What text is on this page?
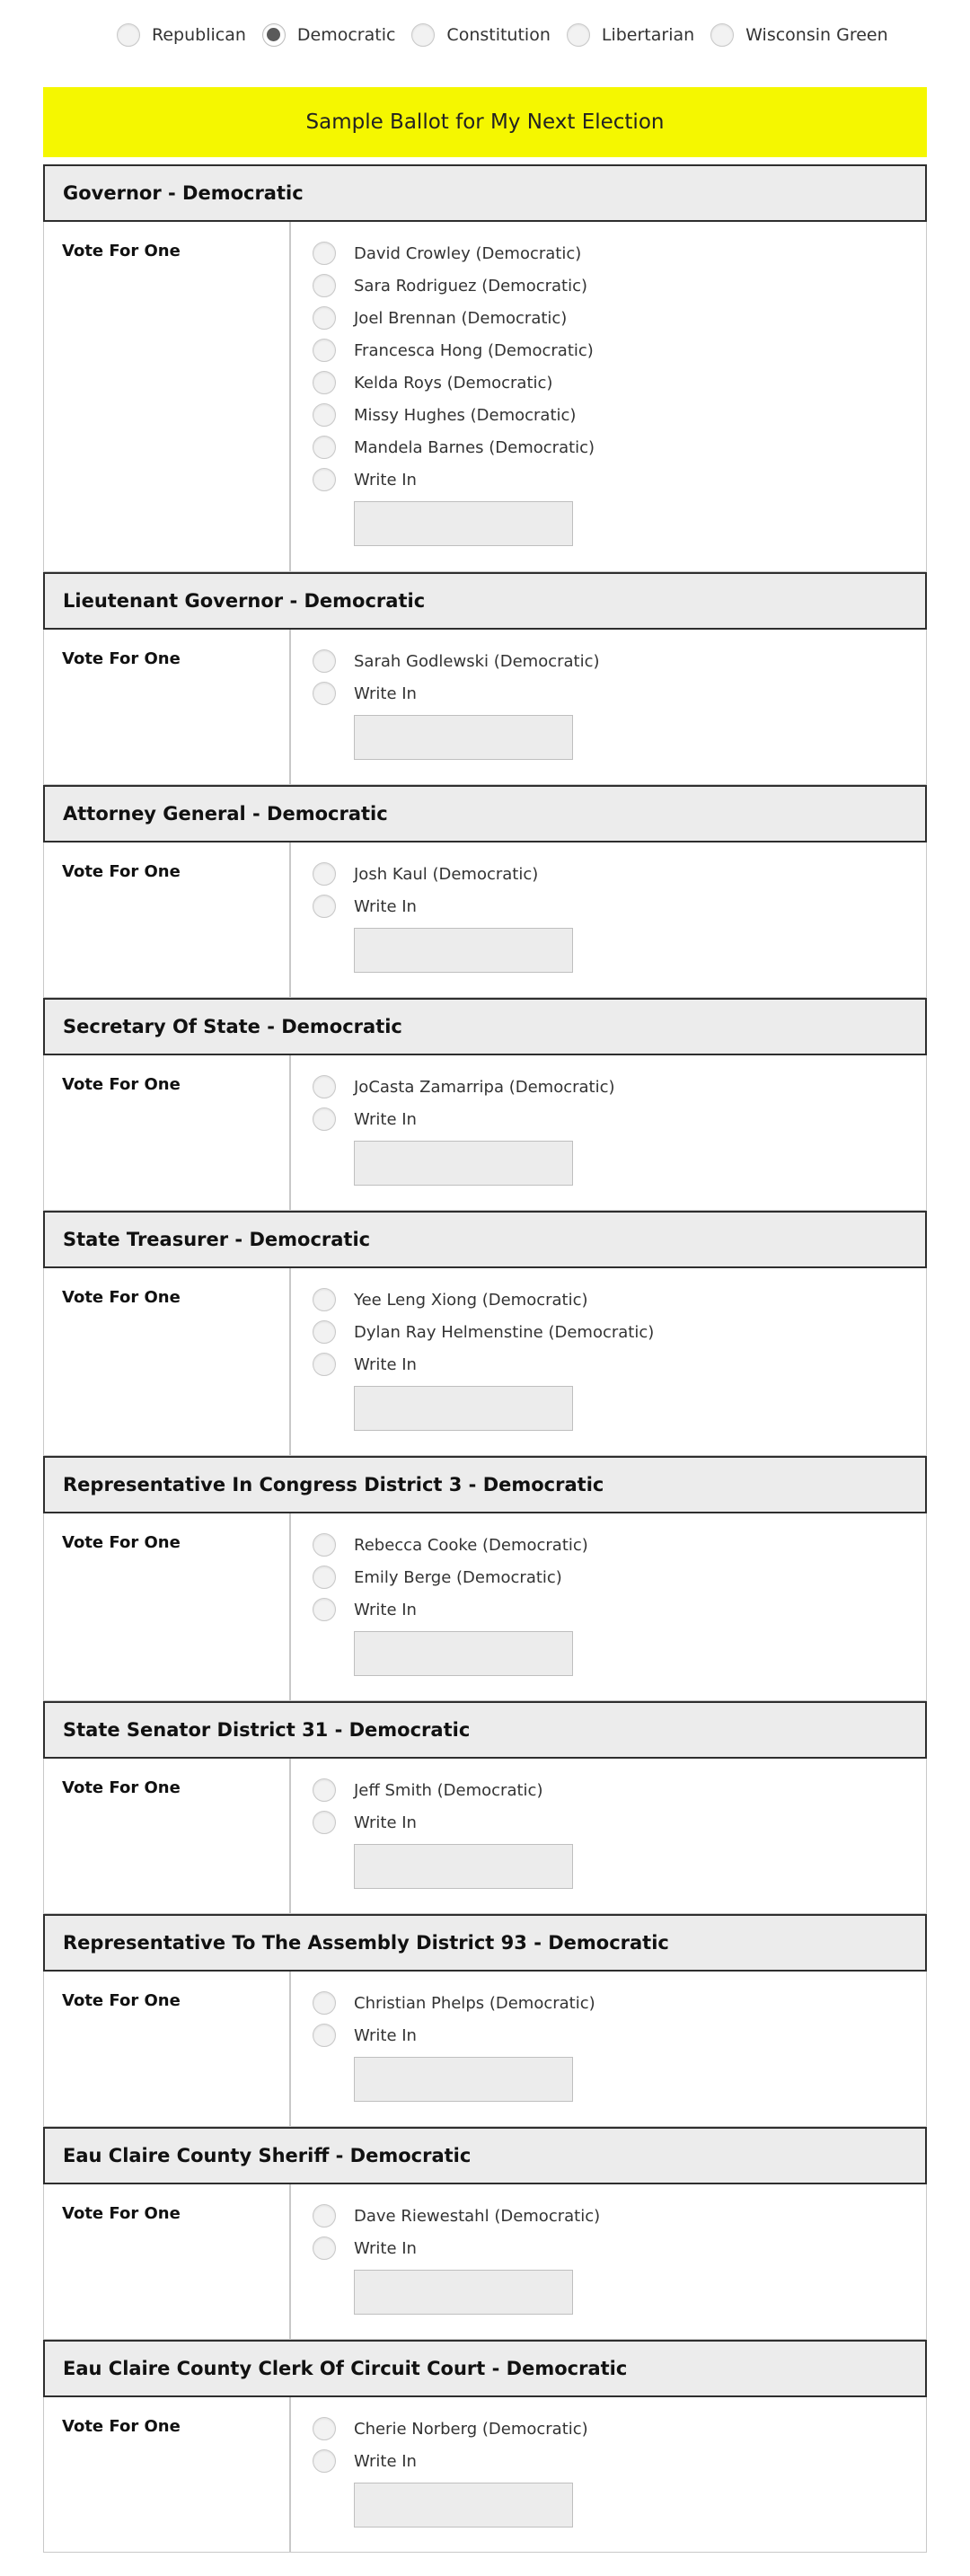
Republican	Democratic	Constitution	Libertarian	Wisconsin Green
Sample Ballot for My Next Election
Governor - Democratic
Vote For One	David Crowley (Democratic)
Sara Rodriguez (Democratic)
Joel Brennan (Democratic)
Francesca Hong (Democratic)
Kelda Roys (Democratic)
Missy Hughes (Democratic)
Mandela Barnes (Democratic)
Write In
Lieutenant Governor - Democratic
Vote For One	Sarah Godlewski (Democratic)
Write In
Attorney General - Democratic
Vote For One	Josh Kaul (Democratic)
Write In
Secretary Of State - Democratic
Vote For One	JoCasta Zamarripa (Democratic)
Write In
State Treasurer - Democratic
Vote For One	Yee Leng Xiong (Democratic)
Dylan Ray Helmenstine (Democratic)
Write In
Representative In Congress District 3 - Democratic
Vote For One	Rebecca Cooke (Democratic)
Emily Berge (Democratic)
Write In
State Senator District 31 - Democratic
Vote For One	Jeff Smith (Democratic)
Write In
Representative To The Assembly District 93 - Democratic
Vote For One	Christian Phelps (Democratic)
Write In
Eau Claire County Sheriff - Democratic
Vote For One	Dave Riewestahl (Democratic)
Write In
Eau Claire County Clerk Of Circuit Court - Democratic
Vote For One	Cherie Norberg (Democratic)
Write In
